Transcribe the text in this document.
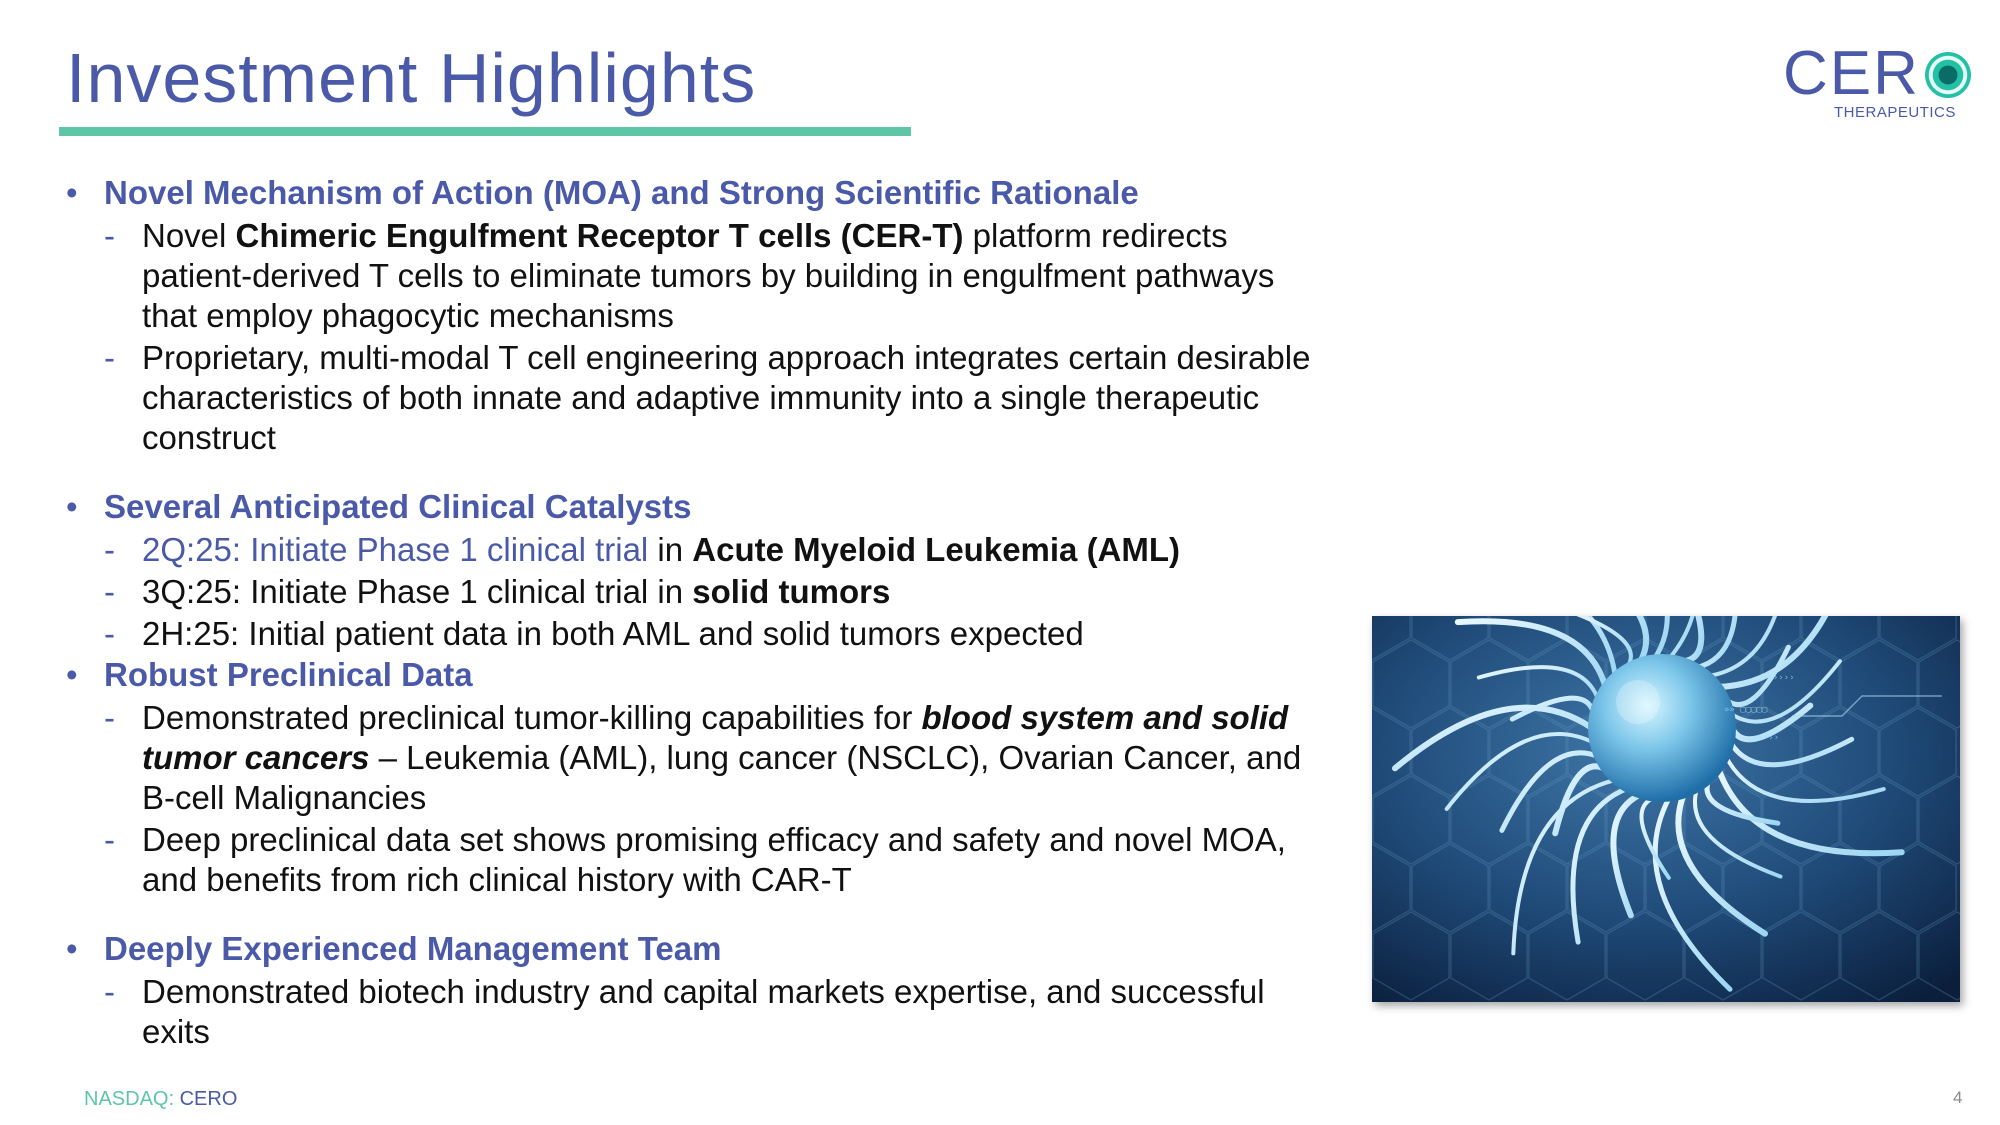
Investment Highlights	CER
THERAPEUTICS
• Novel Mechanism of Action (MOA) and Strong Scientific Rationale
- Novel Chimeric Engulfment Receptor T cells (CER-T) platform redirects patient-derived T cells to eliminate tumors by building in engulfment pathways that employ phagocytic mechanisms
- Proprietary, multi-modal T cell engineering approach integrates certain desirable characteristics of both innate and adaptive immunity into a single therapeutic construct
• Several Anticipated Clinical Catalysts
- 2Q:25: Initiate Phase 1 clinical trial in Acute Myeloid Leukemia (AML)
- 3Q:25: Initiate Phase 1 clinical trial in solid tumors
- 2H:25: Initial patient data in both AML and solid tumors expected
• Robust Preclinical Data
- Demonstrated preclinical tumor-killing capabilities for blood system and solid tumor cancers – Leukemia (AML), lung cancer (NSCLC), Ovarian Cancer, and B-cell Malignancies
- Deep preclinical data set shows promising efficacy and safety and novel MOA, and benefits from rich clinical history with CAR-T
• Deeply Experienced Management Team
- Demonstrated biotech industry and capital markets expertise, and successful exits
››››››
»» ▢▢▢▢▢
›››››
NASDAQ: CERO	4
